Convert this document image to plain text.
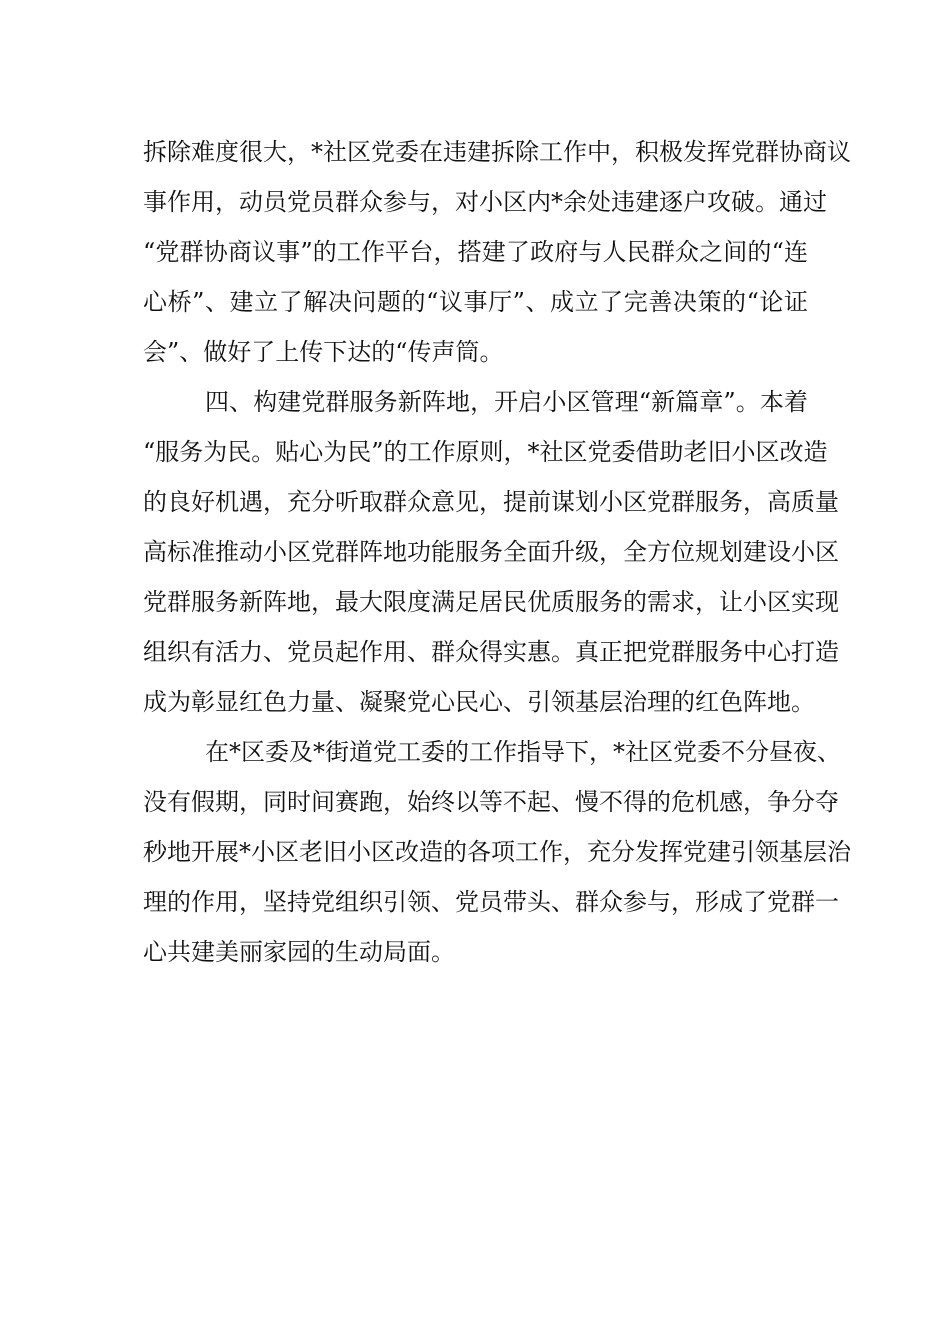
拆除难度很大，*社区党委在违建拆除工作中，积极发挥党群协商议
事作用，动员党员群众参与，对小区内*余处违建逐户攻破。通过
“党群协商议事”的工作平台，搭建了政府与人民群众之间的“连
心桥”、建立了解决问题的“议事厅”、成立了完善决策的“论证
会”、做好了上传下达的“传声筒。
四、构建党群服务新阵地，开启小区管理“新篇章”。本着
“服务为民。贴心为民”的工作原则，*社区党委借助老旧小区改造
的良好机遇，充分听取群众意见，提前谋划小区党群服务，高质量
高标准推动小区党群阵地功能服务全面升级，全方位规划建设小区
党群服务新阵地，最大限度满足居民优质服务的需求，让小区实现
组织有活力、党员起作用、群众得实惠。真正把党群服务中心打造
成为彰显红色力量、凝聚党心民心、引领基层治理的红色阵地。
在*区委及*街道党工委的工作指导下，*社区党委不分昼夜、
没有假期，同时间赛跑，始终以等不起、慢不得的危机感，争分夺
秒地开展*小区老旧小区改造的各项工作，充分发挥党建引领基层治
理的作用，坚持党组织引领、党员带头、群众参与，形成了党群一
心共建美丽家园的生动局面。
